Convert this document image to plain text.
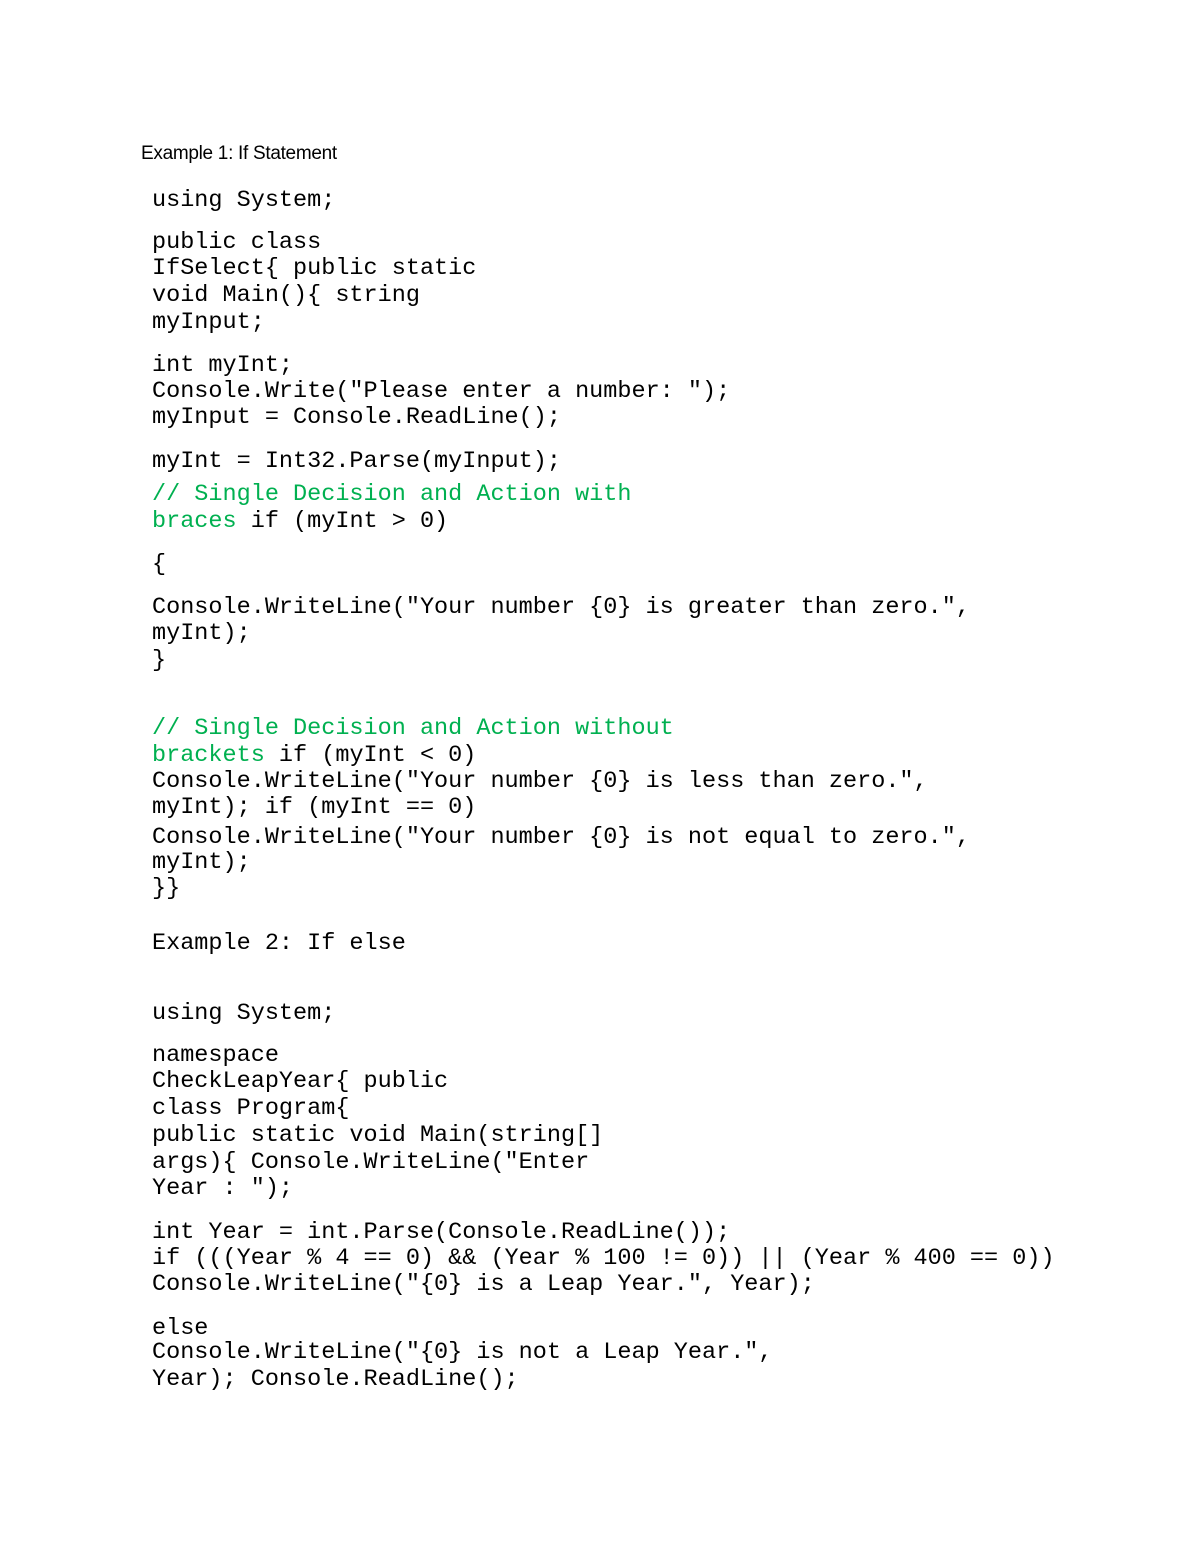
Example 1: If Statement

using System;

public class

IfSelect{ public static

void Main(){ string

myInput;

int myInt;

Console.Write("Please enter a number: ");

myInput = Console.ReadLine();

myInt = Int32.Parse(myInput);

// Single Decision and Action with

braces if (myInt > 0)

{

Console.WriteLine("Your number {0} is greater than zero.",

myInt);

}

// Single Decision and Action without

brackets if (myInt < 0)

Console.WriteLine("Your number {0} is less than zero.",

myInt); if (myInt == 0)

Console.WriteLine("Your number {0} is not equal to zero.",

myInt);

}}

Example 2: If else

using System;

namespace

CheckLeapYear{ public

class Program{

public static void Main(string[]

args){ Console.WriteLine("Enter

Year : ");

int Year = int.Parse(Console.ReadLine());

if (((Year % 4 == 0) && (Year % 100 != 0)) || (Year % 400 == 0))

Console.WriteLine("{0} is a Leap Year.", Year);

else

Console.WriteLine("{0} is not a Leap Year.",

Year); Console.ReadLine();
